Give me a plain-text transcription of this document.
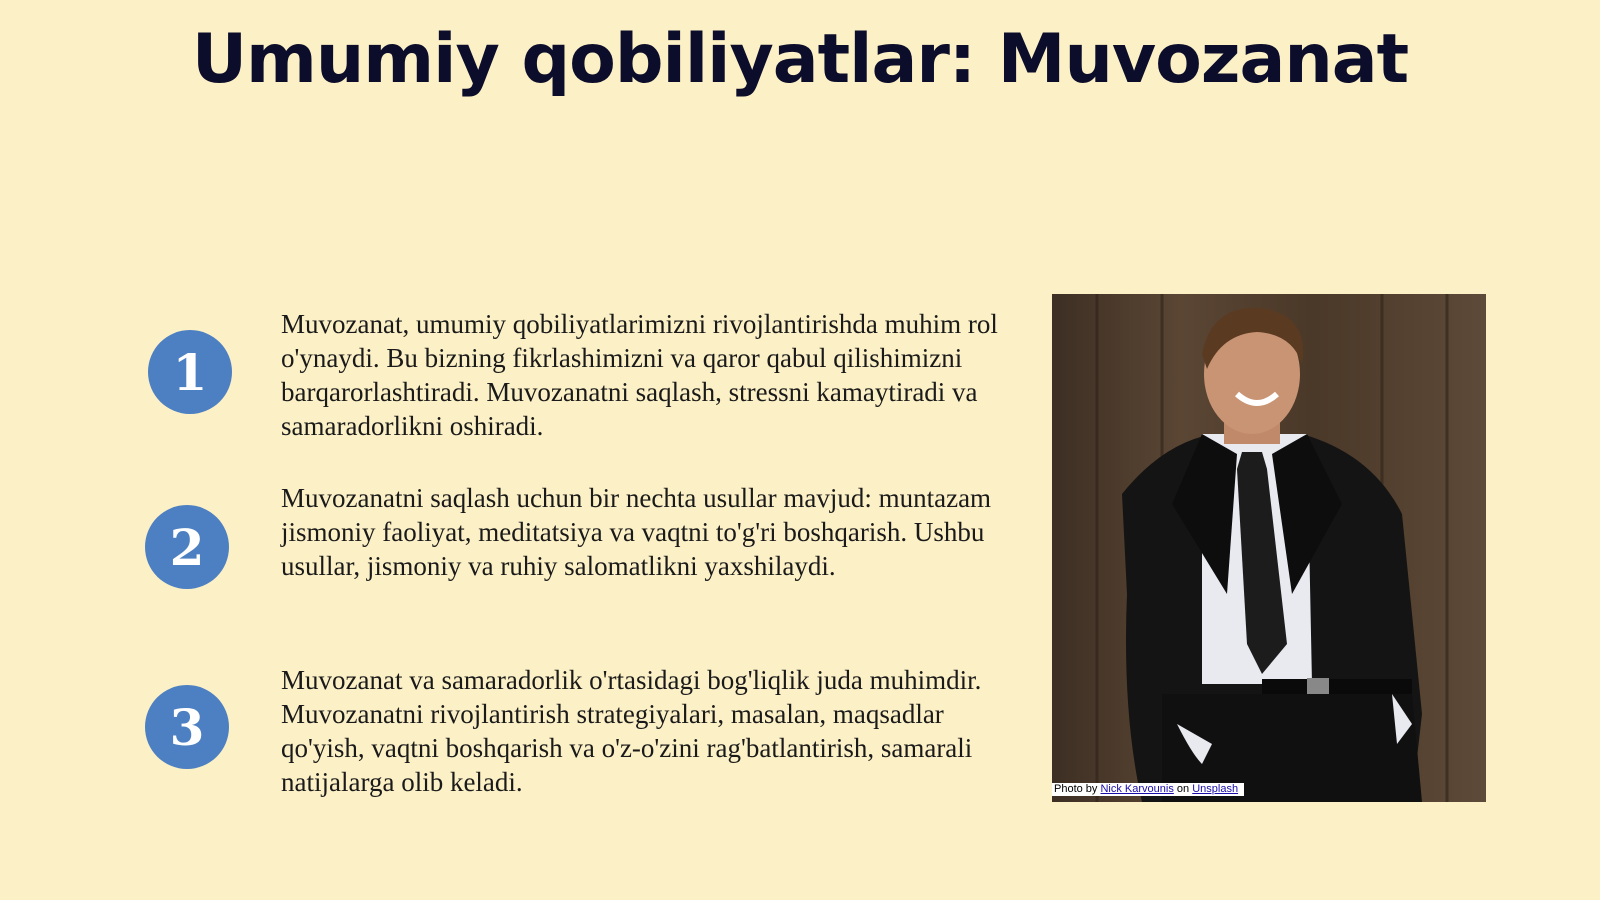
Umumiy qobiliyatlar: Muvozanat
1

Muvozanat, umumiy qobiliyatlarimizni rivojlantirishda muhim rol o'ynaydi. Bu bizning fikrlashimizni va qaror qabul qilishimizni barqarorlashtiradi. Muvozanatni saqlash, stressni kamaytiradi va samaradorlikni oshiradi.

2

Muvozanatni saqlash uchun bir nechta usullar mavjud: muntazam jismoniy faoliyat, meditatsiya va vaqtni to'g'ri boshqarish. Ushbu usullar, jismoniy va ruhiy salomatlikni yaxshilaydi.

3

Muvozanat va samaradorlik o'rtasidagi bog'liqlik juda muhimdir. Muvozanatni rivojlantirish strategiyalari, masalan, maqsadlar qo'yish, vaqtni boshqarish va o'z-o'zini rag'batlantirish, samarali natijalarga olib keladi.	Photo by Nick Karvounis on Unsplash
